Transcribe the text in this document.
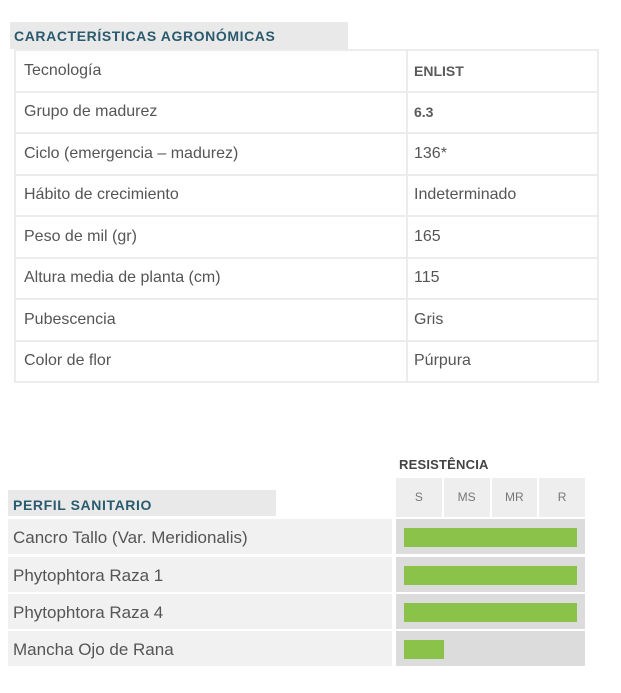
CARACTERÍSTICAS AGRONÓMICAS
Tecnología	ENLIST
Grupo de madurez	6.3
Ciclo (emergencia – madurez)	136*
Hábito de crecimiento	Indeterminado
Peso de mil (gr)	165
Altura media de planta (cm)	115
Pubescencia	Gris
Color de flor	Púrpura
RESISTÊNCIA
S	MS	MR	R
PERFIL SANITARIO
Cancro Tallo (Var. Meridionalis)
Phytophtora Raza 1
Phytophtora Raza 4
Mancha Ojo de Rana
